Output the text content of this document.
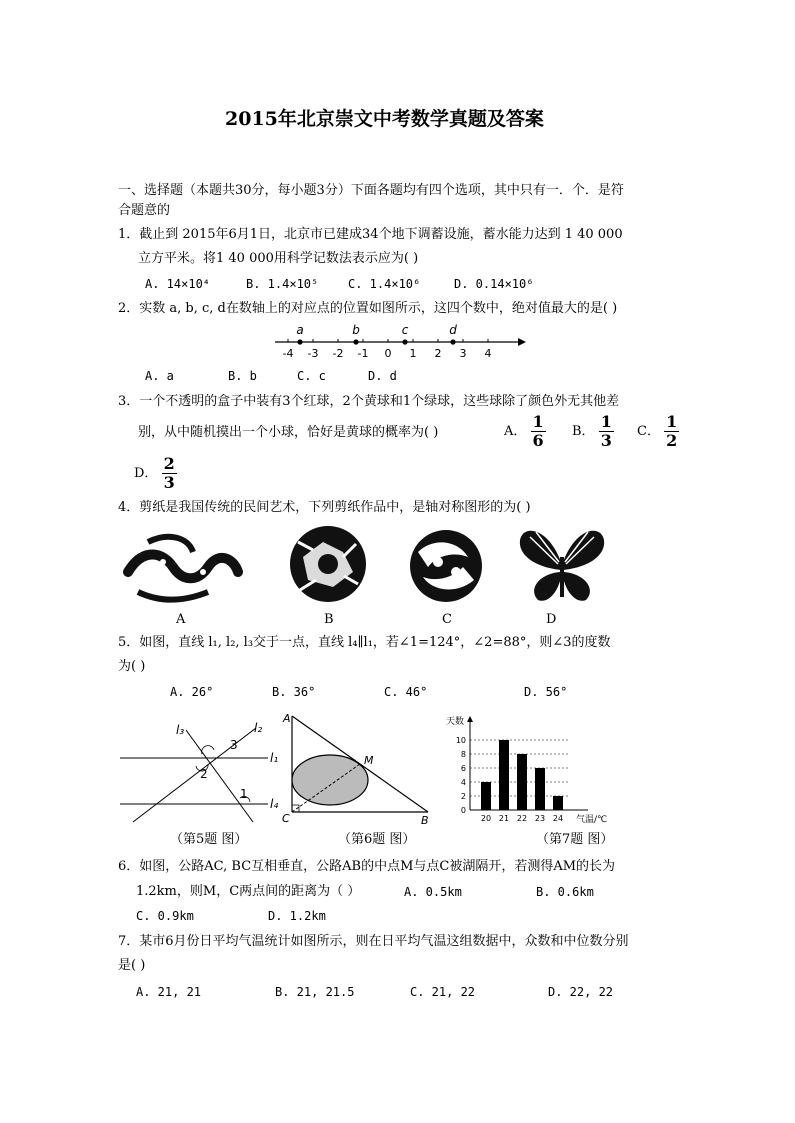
2015年北京崇文中考数学真题及答案
一、选择题（本题共30分，每小题3分）下面各题均有四个选项，其中只有一．个．是符
合题意的
1．截止到 2015年6月1日，北京市已建成34个地下调蓄设施，蓄水能力达到 1 40 000
立方平米。将1 40 000用科学记数法表示应为( )
A. 14×10⁴	B. 1.4×10⁵ C. 1.4×10⁶	D. 0.14×10⁶
2．实数 a, b, c, d在数轴上的对应点的位置如图所示，这四个数中，绝对值最大的是( )
-4 -3 -2 -1 0 1 2 3 4
a	b	c	d
A. a	B. b	C. c	D. d
3．一个不透明的盒子中装有3个红球，2个黄球和1个绿球，这些球除了颜色外无其他差
别，从中随机摸出一个小球，恰好是黄球的概率为( )	A． $\frac{1}{6}$ B． $\frac{1}{3}$ C． $\frac{1}{2}$
D． $\frac{2}{3}$
4．剪纸是我国传统的民间艺术，下列剪纸作品中，是轴对称图形的为( )
A	B	C	D
5．如图，直线 l₁, l₂, l₃交于一点，直线 l₄∥l₁，若∠1=124°，∠2=88°，则∠3的度数
为( )
A. 26°	B. 36°	C. 46°	D. 56°
l₃	l₂
l₁
l₄
3
2
1
A
C	B
M
天数
气温/℃
0
2
4
6
8
10
20 21 22 23 24
（第5题 图）	（第6题 图）	（第7题 图）
6．如图，公路AC, BC互相垂直，公路AB的中点M与点C被湖隔开，若测得AM的长为
1.2km，则M，C两点间的距离为（ ）	A. 0.5km	B. 0.6km
C. 0.9km	D. 1.2km
7．某市6月份日平均气温统计如图所示，则在日平均气温这组数据中，众数和中位数分别
是( )
A. 21, 21	B. 21, 21.5	C. 21, 22	D. 22, 22
